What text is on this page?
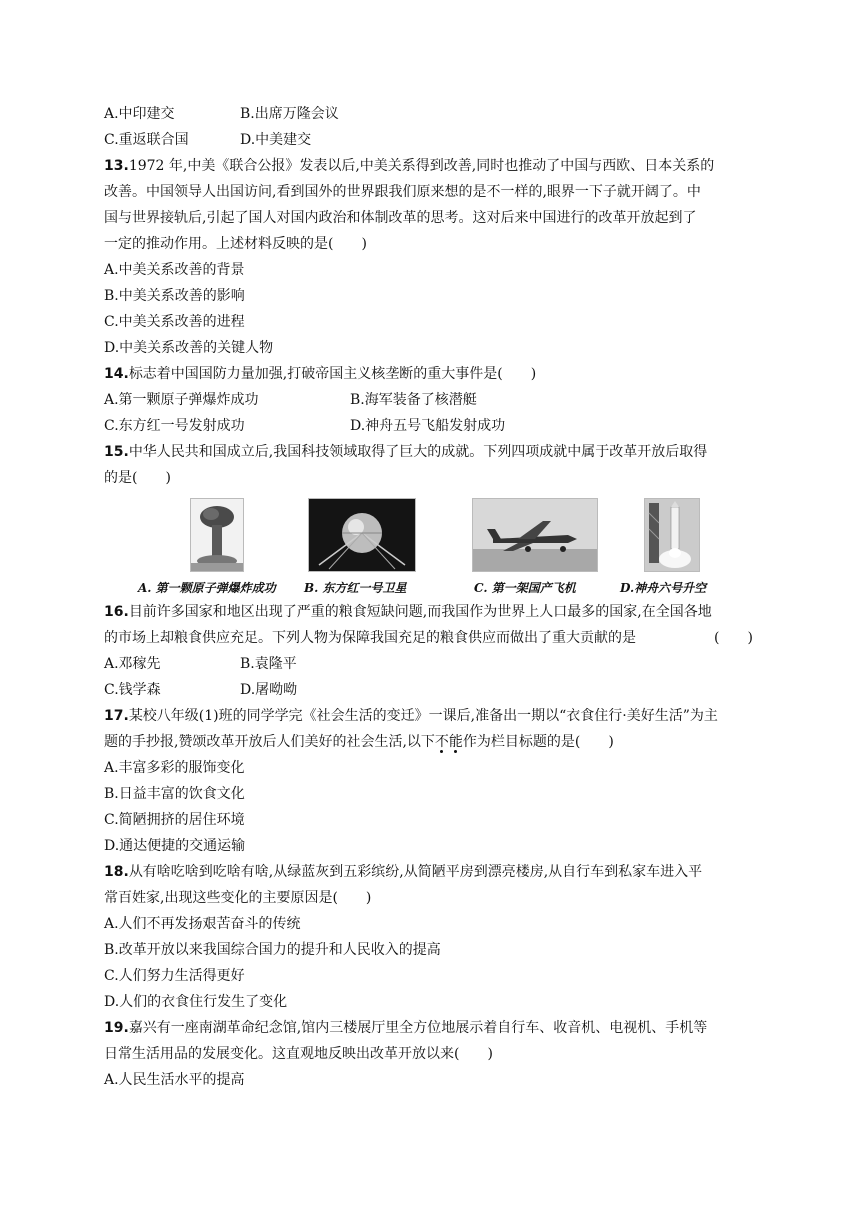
A.中印建交	B.出席万隆会议
C.重返联合国	D.中美建交
13.1972 年,中美《联合公报》发表以后,中美关系得到改善,同时也推动了中国与西欧、日本关系的
改善。中国领导人出国访问,看到国外的世界跟我们原来想的是不一样的,眼界一下子就开阔了。中
国与世界接轨后,引起了国人对国内政治和体制改革的思考。这对后来中国进行的改革开放起到了
一定的推动作用。上述材料反映的是(　　)
A.中美关系改善的背景
B.中美关系改善的影响
C.中美关系改善的进程
D.中美关系改善的关键人物
14.标志着中国国防力量加强,打破帝国主义核垄断的重大事件是(　　)
A.第一颗原子弹爆炸成功	B.海军装备了核潜艇
C.东方红一号发射成功	D.神舟五号飞船发射成功
15.中华人民共和国成立后,我国科技领域取得了巨大的成就。下列四项成就中属于改革开放后取得
的是(　　)
A. 第一颗原子弹爆炸成功 B. 东方红一号卫星	C. 第一架国产飞机	D.神舟六号升空
16.目前许多国家和地区出现了严重的粮食短缺问题,而我国作为世界上人口最多的国家,在全国各地
的市场上却粮食供应充足。下列人物为保障我国充足的粮食供应而做出了重大贡献的是	(　　)
A.邓稼先	B.袁隆平
C.钱学森	D.屠呦呦
17.某校八年级(1)班的同学学完《社会生活的变迁》一课后,准备出一期以“衣食住行·美好生活”为主
题的手抄报,赞颂改革开放后人们美好的社会生活,以下不能作为栏目标题的是(　　)
A.丰富多彩的服饰变化
B.日益丰富的饮食文化
C.简陋拥挤的居住环境
D.通达便捷的交通运输
18.从有啥吃啥到吃啥有啥,从绿蓝灰到五彩缤纷,从简陋平房到漂亮楼房,从自行车到私家车进入平
常百姓家,出现这些变化的主要原因是(　　)
A.人们不再发扬艰苦奋斗的传统
B.改革开放以来我国综合国力的提升和人民收入的提高
C.人们努力生活得更好
D.人们的衣食住行发生了变化
19.嘉兴有一座南湖革命纪念馆,馆内三楼展厅里全方位地展示着自行车、收音机、电视机、手机等
日常生活用品的发展变化。这直观地反映出改革开放以来(　　)
A.人民生活水平的提高
